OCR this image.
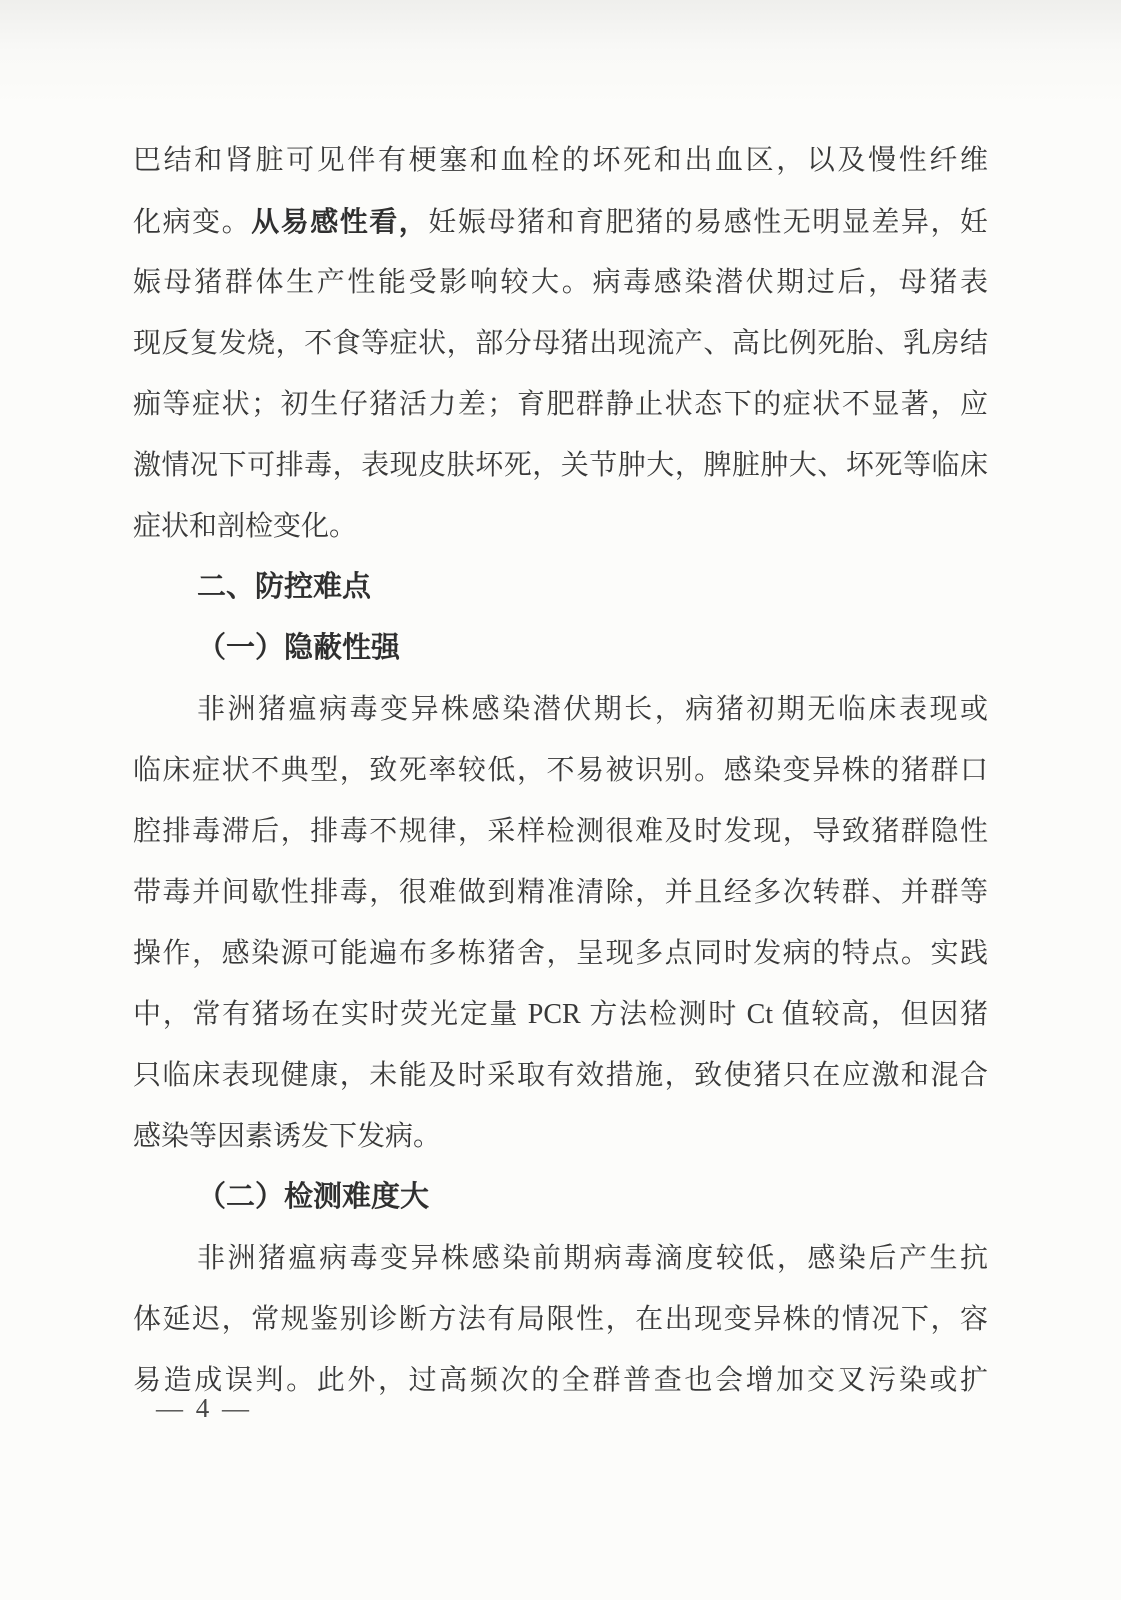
巴结和肾脏可见伴有梗塞和血栓的坏死和出血区，以及慢性纤维
化病变。从易感性看，妊娠母猪和育肥猪的易感性无明显差异，妊
娠母猪群体生产性能受影响较大。病毒感染潜伏期过后，母猪表
现反复发烧，不食等症状，部分母猪出现流产、高比例死胎、乳房结
痂等症状；初生仔猪活力差；育肥群静止状态下的症状不显著，应
激情况下可排毒，表现皮肤坏死，关节肿大，脾脏肿大、坏死等临床
症状和剖检变化。
二、防控难点
（一）隐蔽性强
非洲猪瘟病毒变异株感染潜伏期长，病猪初期无临床表现或
临床症状不典型，致死率较低，不易被识别。感染变异株的猪群口
腔排毒滞后，排毒不规律，采样检测很难及时发现，导致猪群隐性
带毒并间歇性排毒，很难做到精准清除，并且经多次转群、并群等
操作，感染源可能遍布多栋猪舍，呈现多点同时发病的特点。实践
中，常有猪场在实时荧光定量 PCR 方法检测时 Ct 值较高，但因猪
只临床表现健康，未能及时采取有效措施，致使猪只在应激和混合
感染等因素诱发下发病。
（二）检测难度大
非洲猪瘟病毒变异株感染前期病毒滴度较低，感染后产生抗
体延迟，常规鉴别诊断方法有局限性，在出现变异株的情况下，容
易造成误判。此外，过高频次的全群普查也会增加交叉污染或扩
— 4 —
